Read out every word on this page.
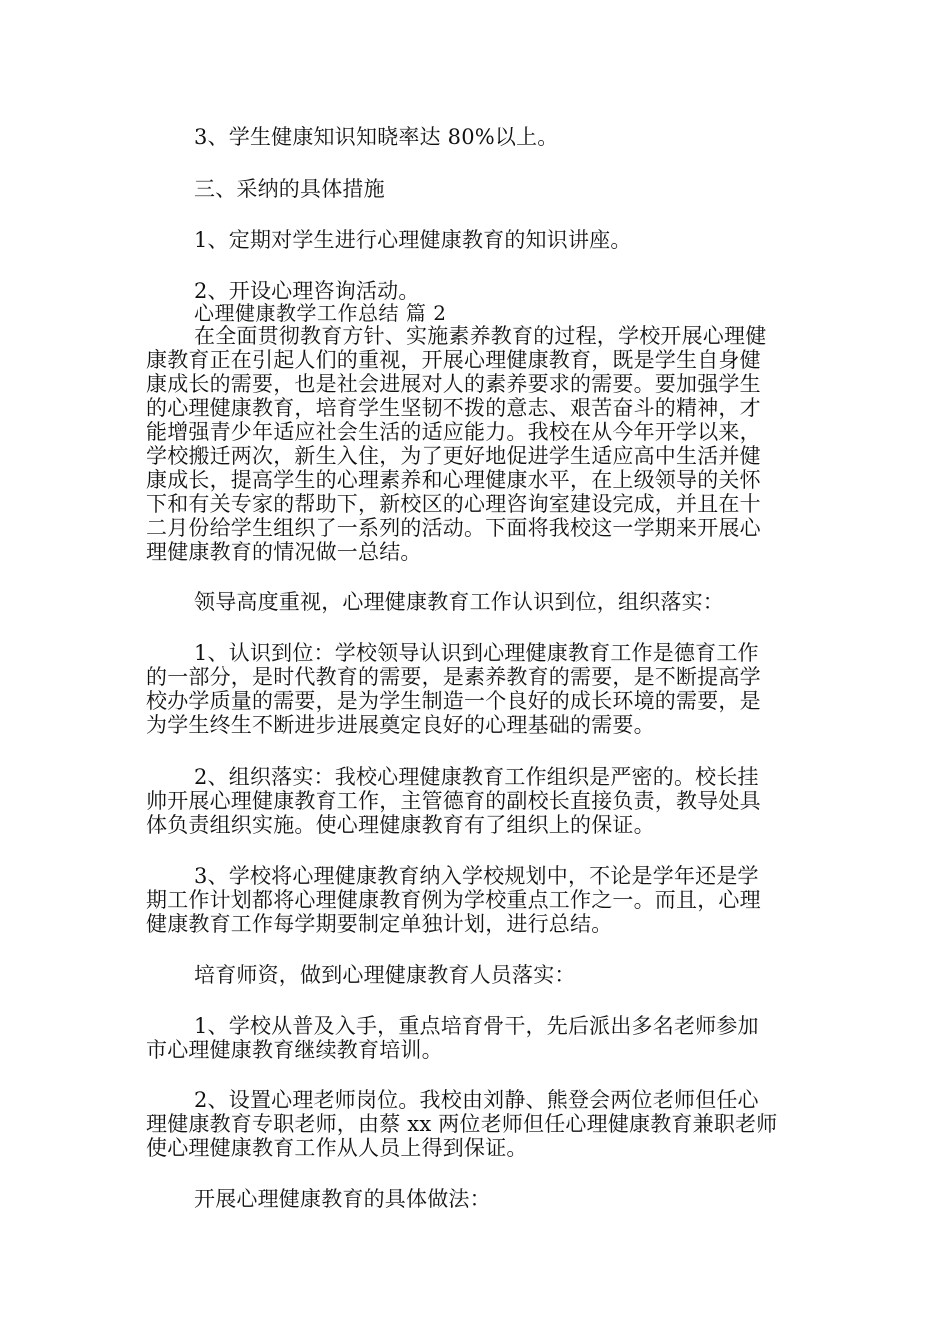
3、学生健康知识知晓率达 80%以上。
三、采纳的具体措施
1、定期对学生进行心理健康教育的知识讲座。
2、开设心理咨询活动。
心理健康教学工作总结 篇 2
在全面贯彻教育方针、实施素养教育的过程，学校开展心理健
康教育正在引起人们的重视，开展心理健康教育，既是学生自身健
康成长的需要，也是社会进展对人的素养要求的需要。要加强学生
的心理健康教育，培育学生坚韧不拨的意志、艰苦奋斗的精神，才
能增强青少年适应社会生活的适应能力。我校在从今年开学以来，
学校搬迁两次，新生入住，为了更好地促进学生适应高中生活并健
康成长，提高学生的心理素养和心理健康水平，在上级领导的关怀
下和有关专家的帮助下，新校区的心理咨询室建设完成，并且在十
二月份给学生组织了一系列的活动。下面将我校这一学期来开展心
理健康教育的情况做一总结。
领导高度重视，心理健康教育工作认识到位，组织落实：
1、认识到位：学校领导认识到心理健康教育工作是德育工作
的一部分，是时代教育的需要，是素养教育的需要，是不断提高学
校办学质量的需要，是为学生制造一个良好的成长环境的需要，是
为学生终生不断进步进展奠定良好的心理基础的需要。
2、组织落实：我校心理健康教育工作组织是严密的。校长挂
帅开展心理健康教育工作，主管德育的副校长直接负责，教导处具
体负责组织实施。使心理健康教育有了组织上的保证。
3、学校将心理健康教育纳入学校规划中，不论是学年还是学
期工作计划都将心理健康教育例为学校重点工作之一。而且，心理
健康教育工作每学期要制定单独计划，进行总结。
培育师资，做到心理健康教育人员落实：
1、学校从普及入手，重点培育骨干，先后派出多名老师参加
市心理健康教育继续教育培训。
2、设置心理老师岗位。我校由刘静、熊登会两位老师但任心
理健康教育专职老师，由蔡 xx 两位老师但任心理健康教育兼职老师
使心理健康教育工作从人员上得到保证。
开展心理健康教育的具体做法：
